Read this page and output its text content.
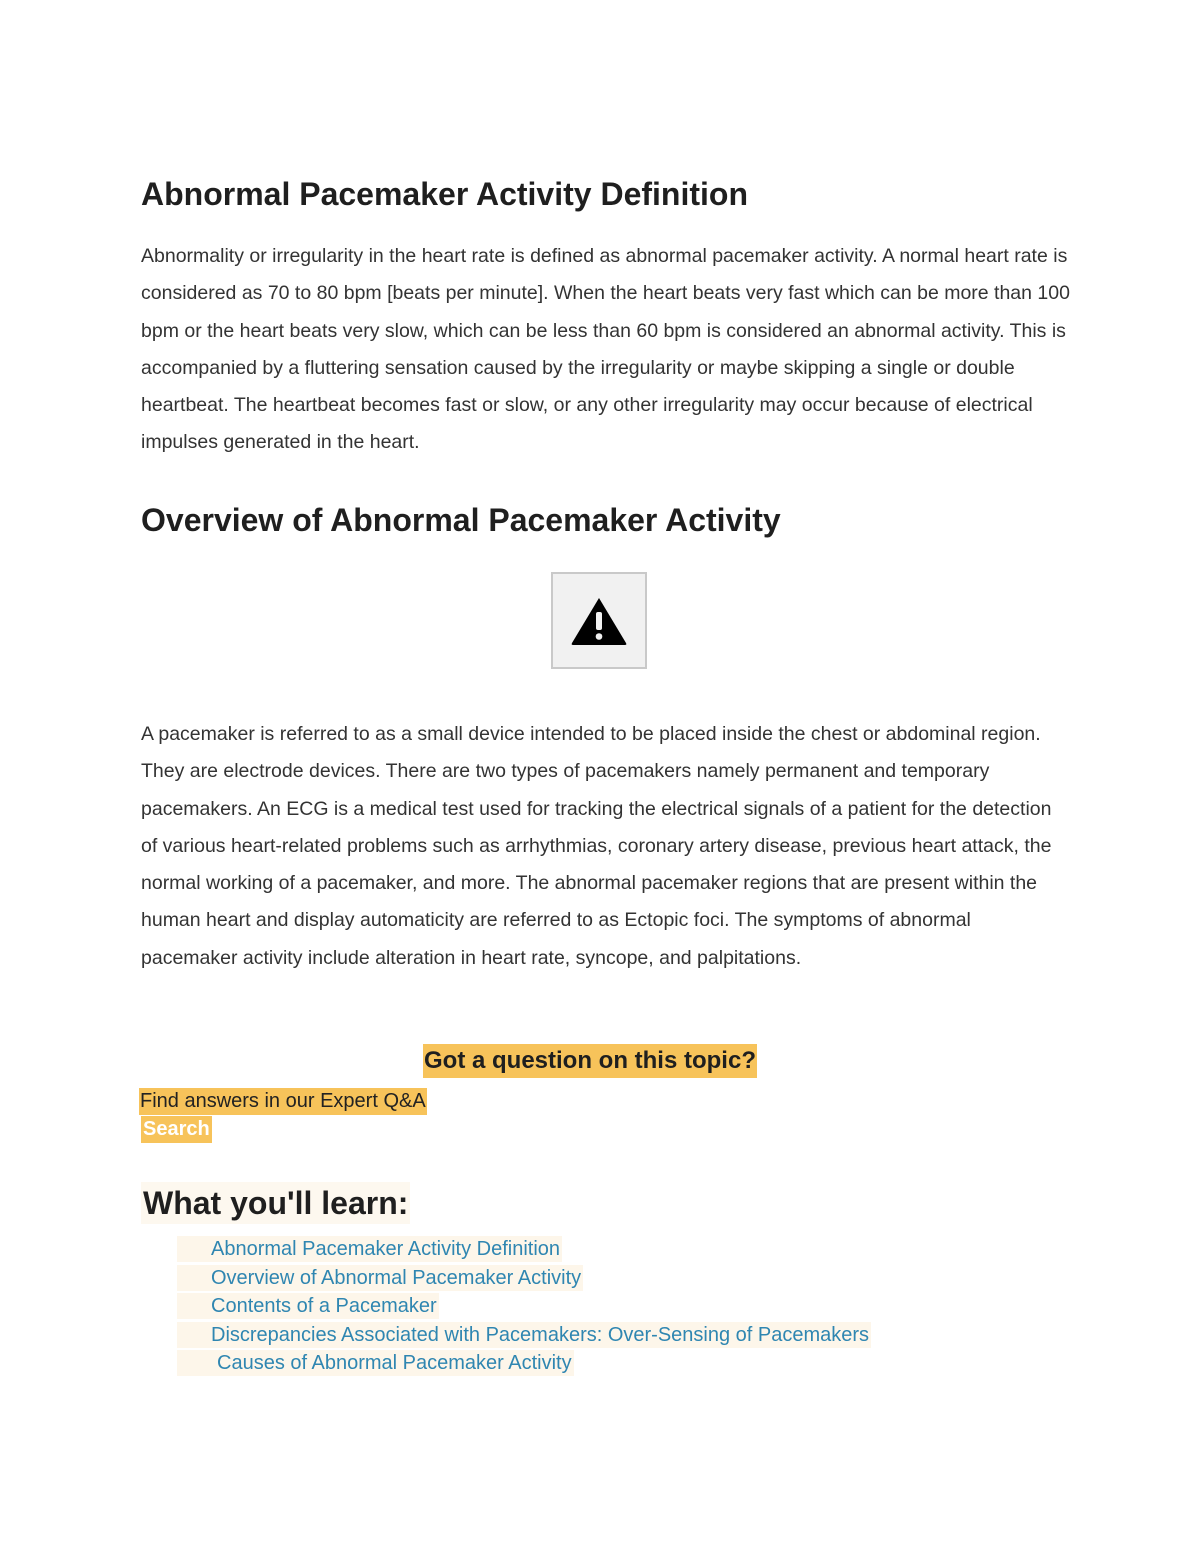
Abnormal Pacemaker Activity Definition

Abnormality or irregularity in the heart rate is defined as abnormal pacemaker activity. A normal heart rate is considered as 70 to 80 bpm [beats per minute]. When the heart beats very fast which can be more than 100 bpm or the heart beats very slow, which can be less than 60 bpm is considered an abnormal activity. This is accompanied by a fluttering sensation caused by the irregularity or maybe skipping a single or double heartbeat. The heartbeat becomes fast or slow, or any other irregularity may occur because of electrical impulses generated in the heart.

Overview of Abnormal Pacemaker Activity

A pacemaker is referred to as a small device intended to be placed inside the chest or abdominal region. They are electrode devices. There are two types of pacemakers namely permanent and temporary pacemakers. An ECG is a medical test used for tracking the electrical signals of a patient for the detection of various heart-related problems such as arrhythmias, coronary artery disease, previous heart attack, the normal working of a pacemaker, and more. The abnormal pacemaker regions that are present within the human heart and display automaticity are referred to as Ectopic foci. The symptoms of abnormal pacemaker activity include alteration in heart rate, syncope, and palpitations.

Got a question on this topic?
Find answers in our Expert Q&A
Search
What you'll learn:
Abnormal Pacemaker Activity Definition
Overview of Abnormal Pacemaker Activity
Contents of a Pacemaker
Discrepancies Associated with Pacemakers: Over-Sensing of Pacemakers
Causes of Abnormal Pacemaker Activity
